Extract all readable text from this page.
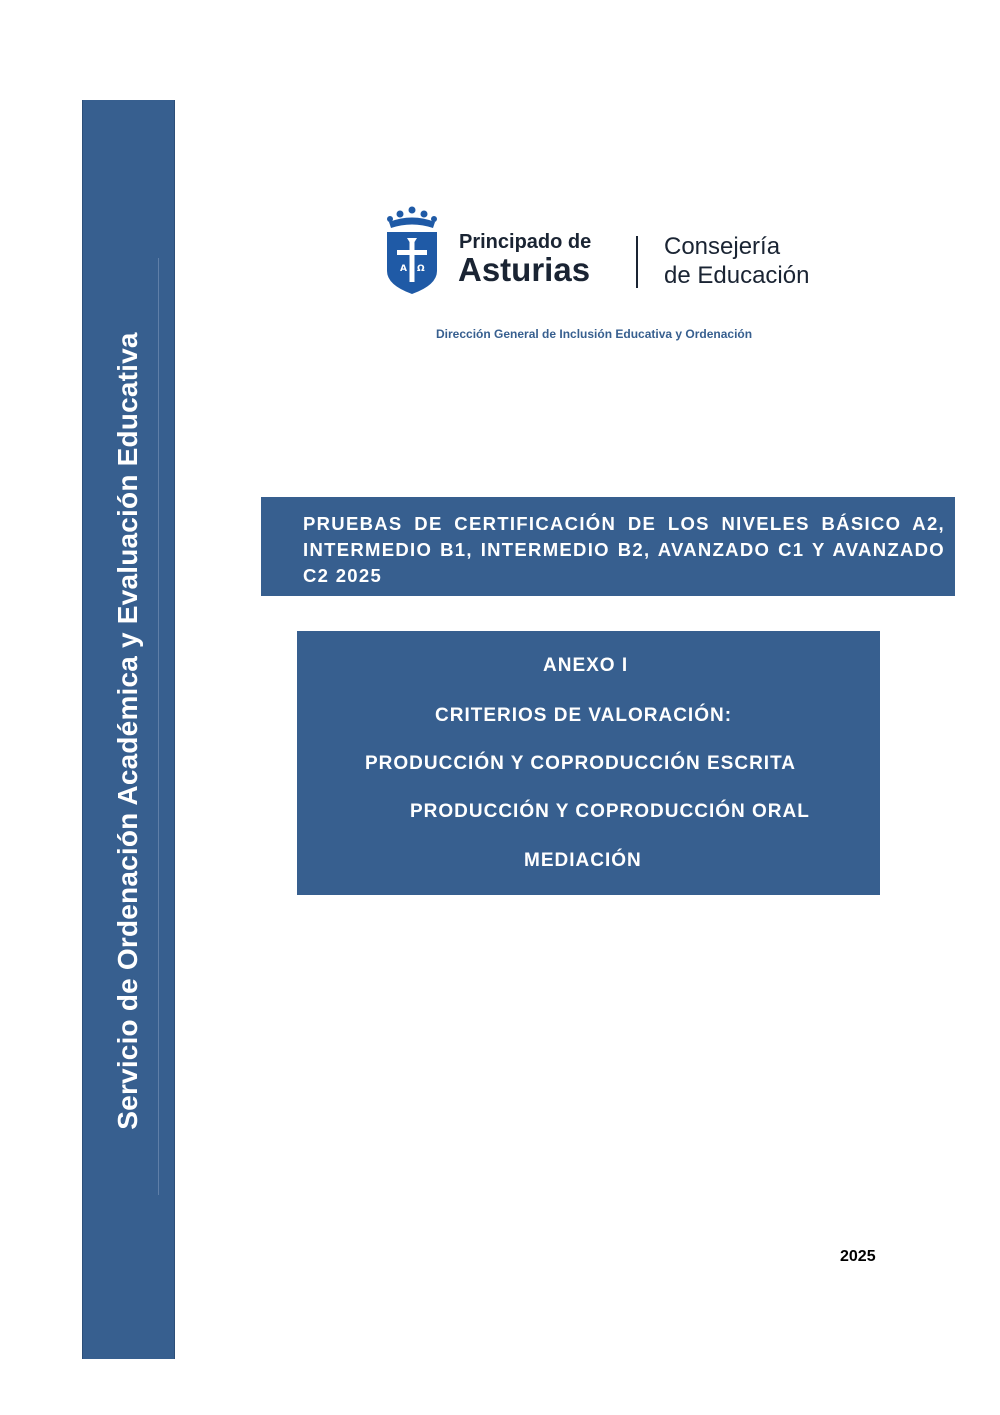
Servicio de Ordenación Académica y Evaluación Educativa
A Ω
Principado de
Asturias
Consejería
de Educación
Dirección General de Inclusión Educativa y Ordenación
PRUEBAS DE CERTIFICACIÓN DE LOS NIVELES BÁSICO A2, INTERMEDIO B1, INTERMEDIO B2, AVANZADO C1 Y AVANZADO C2 2025
ANEXO I
CRITERIOS DE VALORACIÓN:
PRODUCCIÓN Y COPRODUCCIÓN ESCRITA
PRODUCCIÓN Y COPRODUCCIÓN ORAL
MEDIACIÓN
2025
